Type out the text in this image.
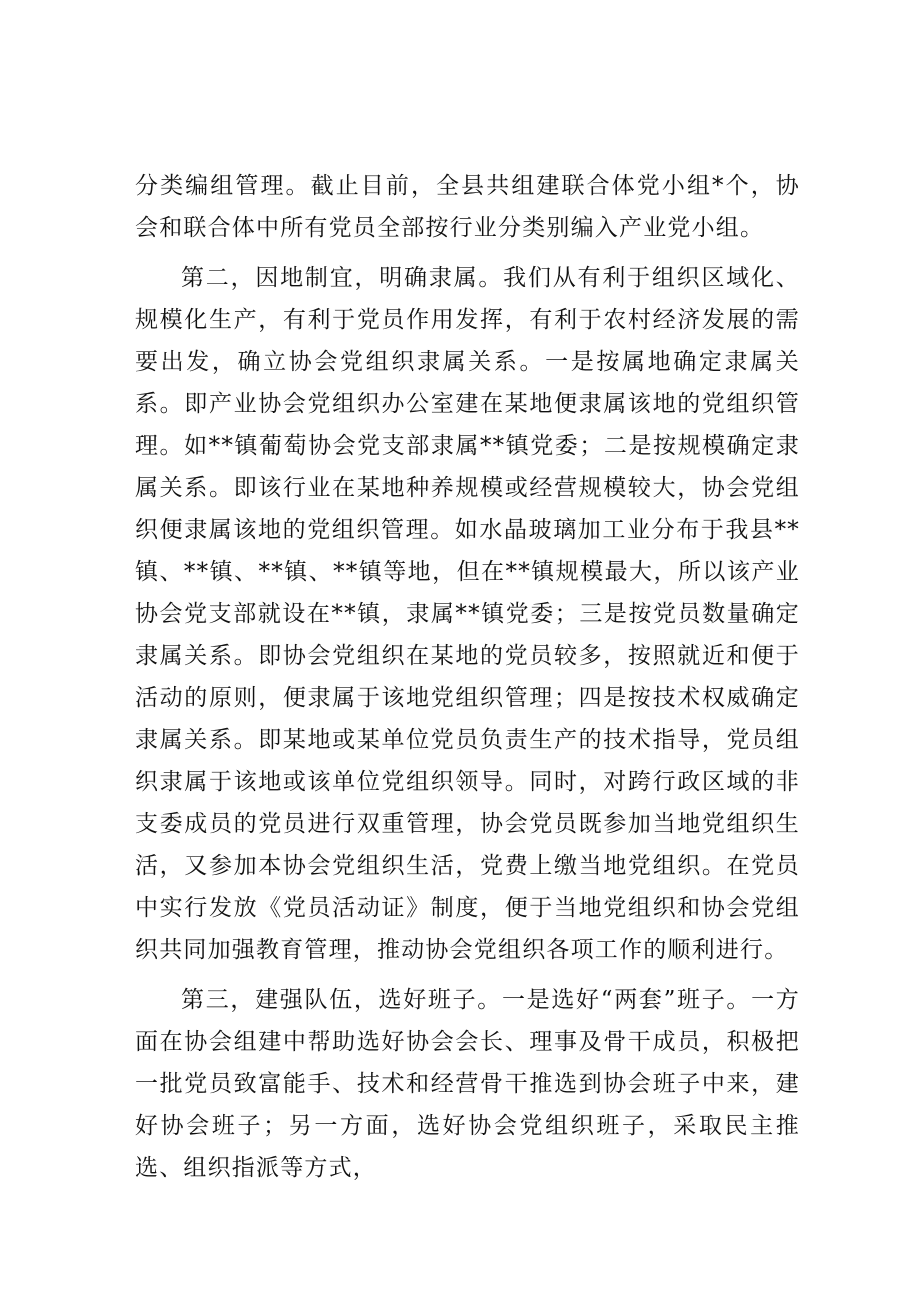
分类编组管理。截止目前，全县共组建联合体党小组*个，协会和联合体中所有党员全部按行业分类别编入产业党小组。

第二，因地制宜，明确隶属。我们从有利于组织区域化、规模化生产，有利于党员作用发挥，有利于农村经济发展的需要出发，确立协会党组织隶属关系。一是按属地确定隶属关系。即产业协会党组织办公室建在某地便隶属该地的党组织管理。如**镇葡萄协会党支部隶属**镇党委；二是按规模确定隶属关系。即该行业在某地种养规模或经营规模较大，协会党组织便隶属该地的党组织管理。如水晶玻璃加工业分布于我县**镇、**镇、**镇、**镇等地，但在**镇规模最大，所以该产业协会党支部就设在**镇，隶属**镇党委；三是按党员数量确定隶属关系。即协会党组织在某地的党员较多，按照就近和便于活动的原则，便隶属于该地党组织管理；四是按技术权威确定隶属关系。即某地或某单位党员负责生产的技术指导，党员组织隶属于该地或该单位党组织领导。同时，对跨行政区域的非支委成员的党员进行双重管理，协会党员既参加当地党组织生活，又参加本协会党组织生活，党费上缴当地党组织。在党员中实行发放《党员活动证》制度，便于当地党组织和协会党组织共同加强教育管理，推动协会党组织各项工作的顺利进行。

第三，建强队伍，选好班子。一是选好“两套”班子。一方面在协会组建中帮助选好协会会长、理事及骨干成员，积极把一批党员致富能手、技术和经营骨干推选到协会班子中来，建好协会班子；另一方面，选好协会党组织班子，采取民主推选、组织指派等方式，
